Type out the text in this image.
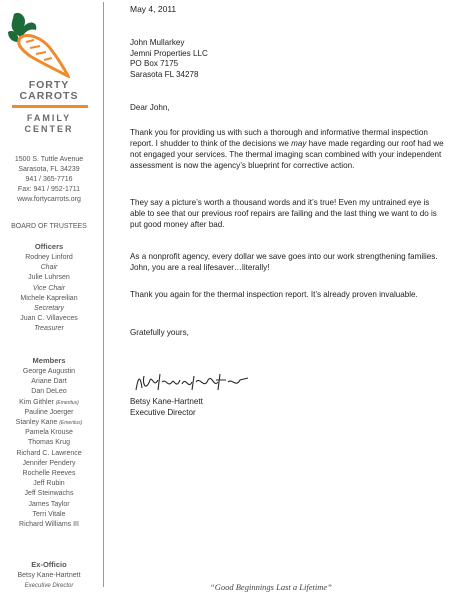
FORTY
CARROTS
FAMILY
CENTER
1500 S. Tuttle Avenue
Sarasota, FL 34239
941 / 365-7716
Fax: 941 / 952-1711
www.fortycarrots.org
BOARD OF TRUSTEES
Officers
Rodney Linford
Chair
Julie Luhrsen
Vice Chair
Michele Kapreilian
Secretary
Juan C. Villaveces
Treasurer
Members
George Augustin
Ariane Dart
Dan DeLeo
Kim Githler (Emeritus)
Pauline Joerger
Stanley Kane (Emeritus)
Pamela Krouse
Thomas Krug
Richard C. Lawrence
Jennifer Pendery
Rochelle Reeves
Jeff Rubin
Jeff Steinwachs
James Taylor
Terri Vitale
Richard Williams III
Ex-Officio
Betsy Kane-Hartnett
Executive Director
May 4, 2011
John Mullarkey
Jemni Properties LLC
PO Box 7175
Sarasota FL 34278
Dear John,
Thank you for providing us with such a thorough and informative thermal inspection report. I shudder to think of the decisions we may have made regarding our roof had we not engaged your services. The thermal imaging scan combined with your independent assessment is now the agency’s blueprint for corrective action.
They say a picture’s worth a thousand words and it’s true! Even my untrained eye is able to see that our previous roof repairs are failing and the last thing we want to do is put good money after bad.
As a nonprofit agency, every dollar we save goes into our work strengthening families. John, you are a real lifesaver…literally!
Thank you again for the thermal inspection report. It’s already proven invaluable.
Gratefully yours,
Betsy Kane-Hartnett
Executive Director
“Good Beginnings Last a Lifetime”
